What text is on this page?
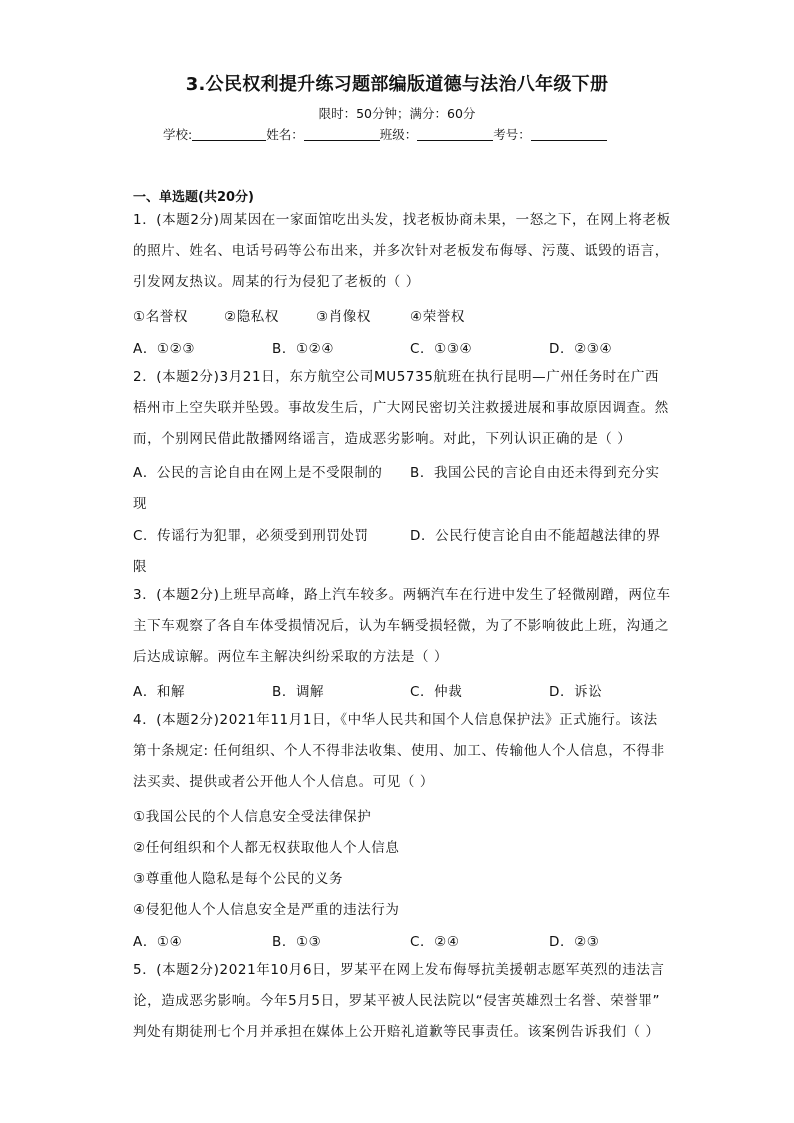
3.公民权利提升练习题部编版道德与法治八年级下册
限时：50分钟；满分：60分
学校:	姓名：	班级：	考号：
一、单选题(共20分)
1．(本题2分)周某因在一家面馆吃出头发，找老板协商未果，一怒之下，在网上将老板
的照片、姓名、电话号码等公布出来，并多次针对老板发布侮辱、污蔑、诋毁的语言，
引发网友热议。周某的行为侵犯了老板的（ ）
①名誉权	②隐私权	③肖像权	④荣誉权
A．①②③	B．①②④	C．①③④	D．②③④
2．(本题2分)3月21日，东方航空公司MU5735航班在执行昆明—广州任务时在广西
梧州市上空失联并坠毁。事故发生后，广大网民密切关注救援进展和事故原因调查。然
而，个别网民借此散播网络谣言，造成恶劣影响。对此，下列认识正确的是（ ）
A．公民的言论自由在网上是不受限制的 B．我国公民的言论自由还未得到充分实
现
C．传谣行为犯罪，必须受到刑罚处罚	D．公民行使言论自由不能超越法律的界
限
3．(本题2分)上班早高峰，路上汽车较多。两辆汽车在行进中发生了轻微剐蹭，两位车
主下车观察了各自车体受损情况后，认为车辆受损轻微，为了不影响彼此上班，沟通之
后达成谅解。两位车主解决纠纷采取的方法是（ ）
A．和解	B．调解	C．仲裁	D．诉讼
4．(本题2分)2021年11月1日，《中华人民共和国个人信息保护法》正式施行。该法
第十条规定: 任何组织、个人不得非法收集、使用、加工、传输他人个人信息，不得非
法买卖、提供或者公开他人个人信息。可见（ ）
①我国公民的个人信息安全受法律保护
②任何组织和个人都无权获取他人个人信息
③尊重他人隐私是每个公民的义务
④侵犯他人个人信息安全是严重的违法行为
A．①④	B．①③	C．②④	D．②③
5．(本题2分)2021年10月6日，罗某平在网上发布侮辱抗美援朝志愿军英烈的违法言
论，造成恶劣影响。今年5月5日，罗某平被人民法院以“侵害英雄烈士名誉、荣誉罪”
判处有期徒刑七个月并承担在媒体上公开赔礼道歉等民事责任。该案例告诉我们（ ）
